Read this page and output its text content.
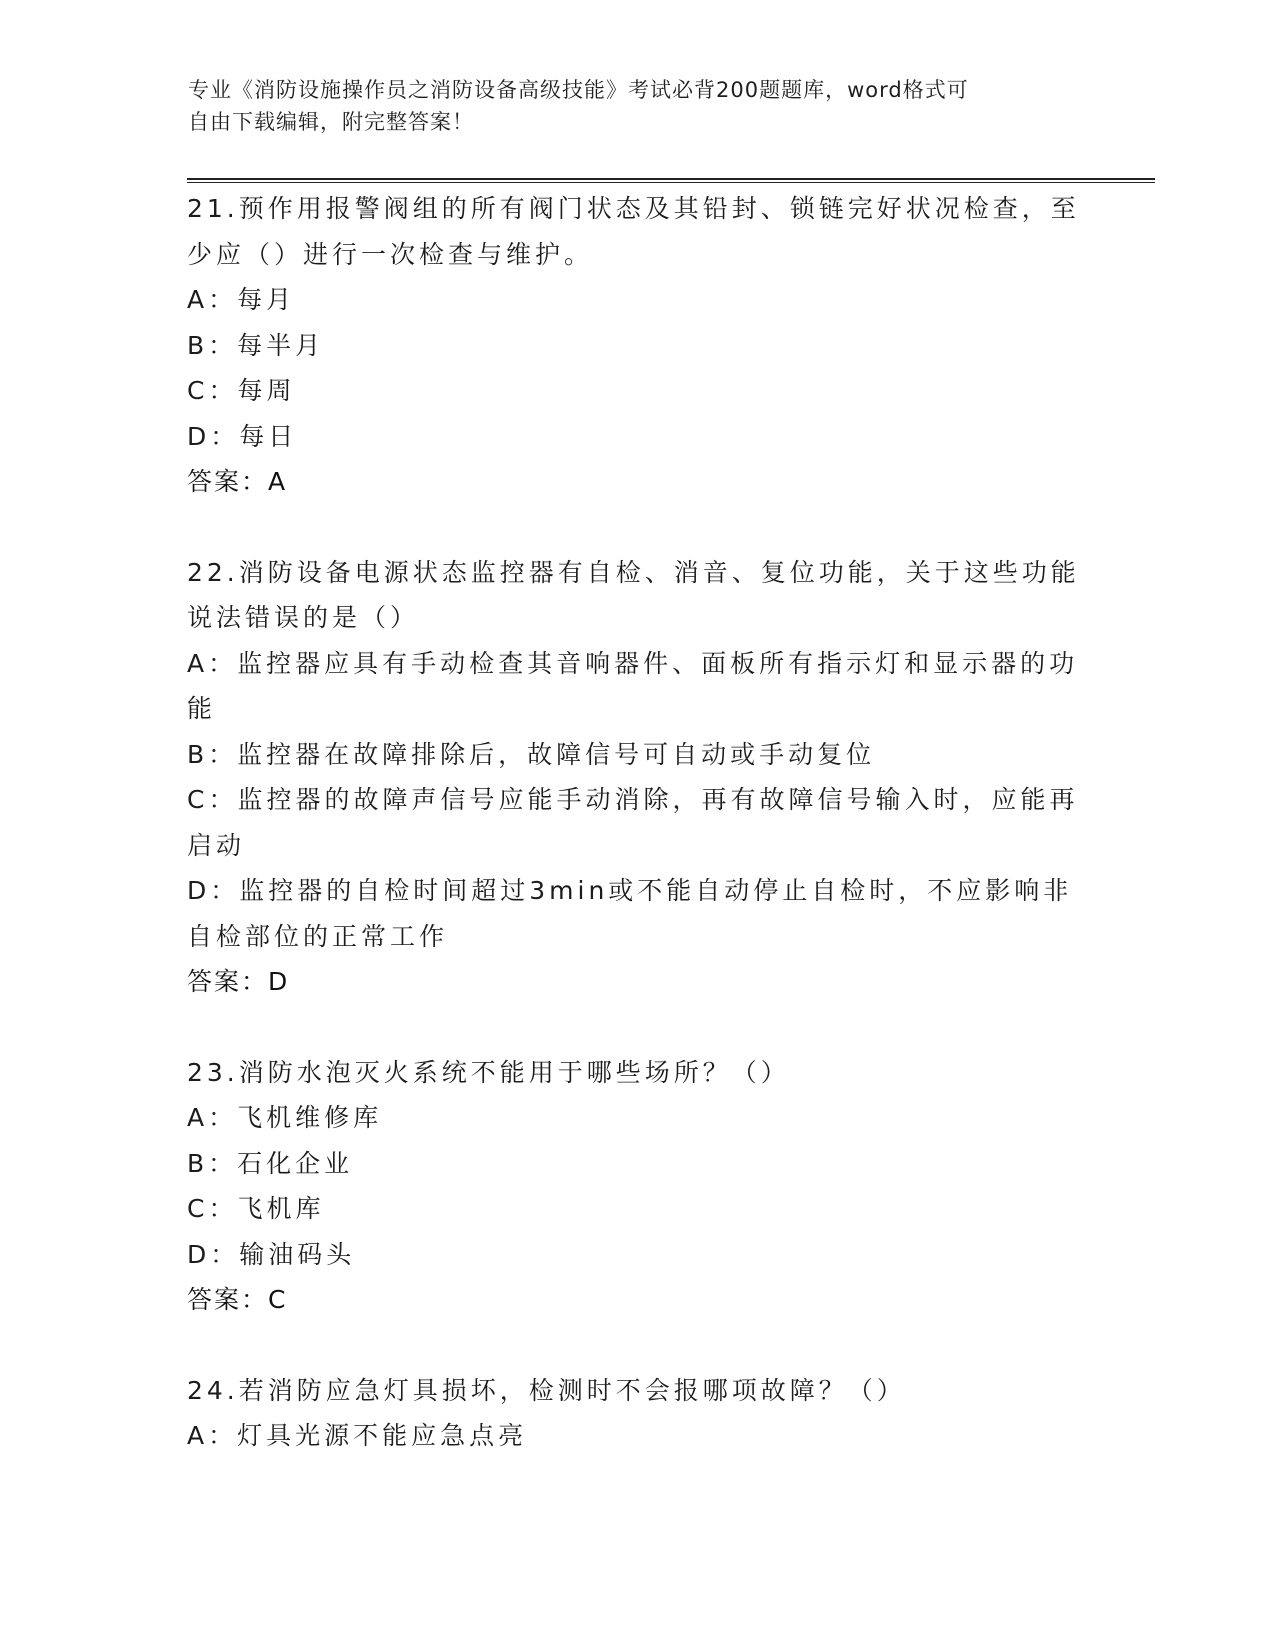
专业《消防设施操作员之消防设备高级技能》考试必背200题题库，word格式可
自由下载编辑，附完整答案！
21.预作用报警阀组的所有阀门状态及其铅封、锁链完好状况检查，至
少应（）进行一次检查与维护。
A：每月
B：每半月
C：每周
D：每日
答案：A
22.消防设备电源状态监控器有自检、消音、复位功能，关于这些功能
说法错误的是（）
A：监控器应具有手动检查其音响器件、面板所有指示灯和显示器的功
能
B：监控器在故障排除后，故障信号可自动或手动复位
C：监控器的故障声信号应能手动消除，再有故障信号输入时，应能再
启动
D：监控器的自检时间超过3min或不能自动停止自检时，不应影响非
自检部位的正常工作
答案：D
23.消防水泡灭火系统不能用于哪些场所？（）
A：飞机维修库
B：石化企业
C：飞机库
D：输油码头
答案：C
24.若消防应急灯具损坏，检测时不会报哪项故障？（）
A：灯具光源不能应急点亮
